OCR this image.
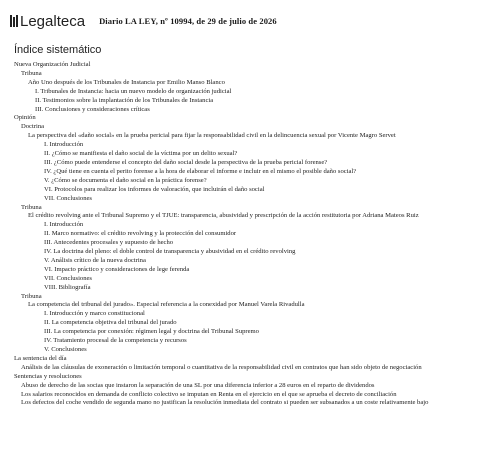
Legalteca Diario LA LEY, nº 10994, de 29 de julio de 2026
Índice sistemático
Nueva Organización Judicial
Tribuna
Año Uno después de los Tribunales de Instancia por Emilio Manso Blanco
I. Tribunales de Instancia: hacia un nuevo modelo de organización judicial
II. Testimonios sobre la implantación de los Tribunales de Instancia
III. Conclusiones y consideraciones críticas
Opinión
Doctrina
La perspectiva del «daño social» en la prueba pericial para fijar la responsabilidad civil en la delincuencia sexual por Vicente Magro Servet
I. Introducción
II. ¿Cómo se manifiesta el daño social de la víctima por un delito sexual?
III. ¿Cómo puede entenderse el concepto del daño social desde la perspectiva de la prueba pericial forense?
IV. ¿Qué tiene en cuenta el perito forense a la hora de elaborar el informe e incluir en el mismo el posible daño social?
V. ¿Cómo se documenta el daño social en la práctica forense?
VI. Protocolos para realizar los informes de valoración, que incluirán el daño social
VII. Conclusiones
Tribuna
El crédito revolving ante el Tribunal Supremo y el TJUE: transparencia, abusividad y prescripción de la acción restitutoria por Adriana Mateos Ruiz
I. Introducción
II. Marco normativo: el crédito revolving y la protección del consumidor
III. Antecedentes procesales y supuesto de hecho
IV. La doctrina del pleno: el doble control de transparencia y abusividad en el crédito revolving
V. Análisis crítico de la nueva doctrina
VI. Impacto práctico y consideraciones de lege ferenda
VII. Conclusiones
VIII. Bibliografía
Tribuna
La competencia del tribunal del jurado». Especial referencia a la conexidad por Manuel Varela Rivadulla
I. Introducción y marco constitucional
II. La competencia objetiva del tribunal del jurado
III. La competencia por conexión: régimen legal y doctrina del Tribunal Supremo
IV. Tratamiento procesal de la competencia y recursos
V. Conclusiones
La sentencia del día
Análisis de las cláusulas de exoneración o limitación temporal o cuantitativa de la responsabilidad civil en contratos que han sido objeto de negociación
Sentencias y resoluciones
Abuso de derecho de las socias que instaron la separación de una SL por una diferencia inferior a 28 euros en el reparto de dividendos
Los salarios reconocidos en demanda de conflicto colectivo se imputan en Renta en el ejercicio en el que se aprueba el decreto de conciliación
Los defectos del coche vendido de segunda mano no justifican la resolución inmediata del contrato si pueden ser subsanados a un coste relativamente bajo
